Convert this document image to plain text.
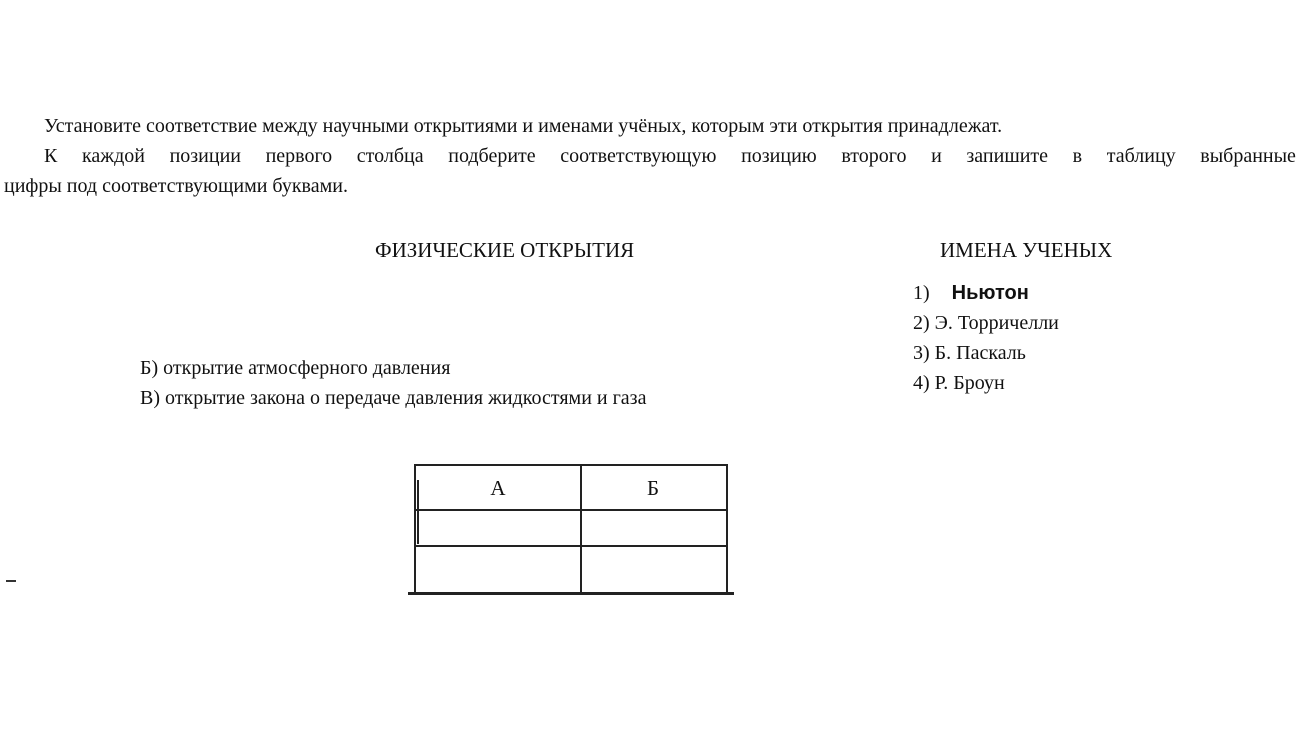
Установите соответствие между научными открытиями и именами учёных, которым эти открытия принадлежат.
К каждой позиции первого столбца подберите соответствующую позицию второго и запишите в таблицу выбранные
цифры под соответствующими буквами.
ФИЗИЧЕСКИЕ ОТКРЫТИЯ
Б) открытие атмосферного давления
В) открытие закона о передаче давления жидкостями и газа
ИМЕНА УЧЕНЫХ
1) Ньютон
2) Э. Торричелли
3) Б. Паскаль
4) Р. Броун
А	Б
